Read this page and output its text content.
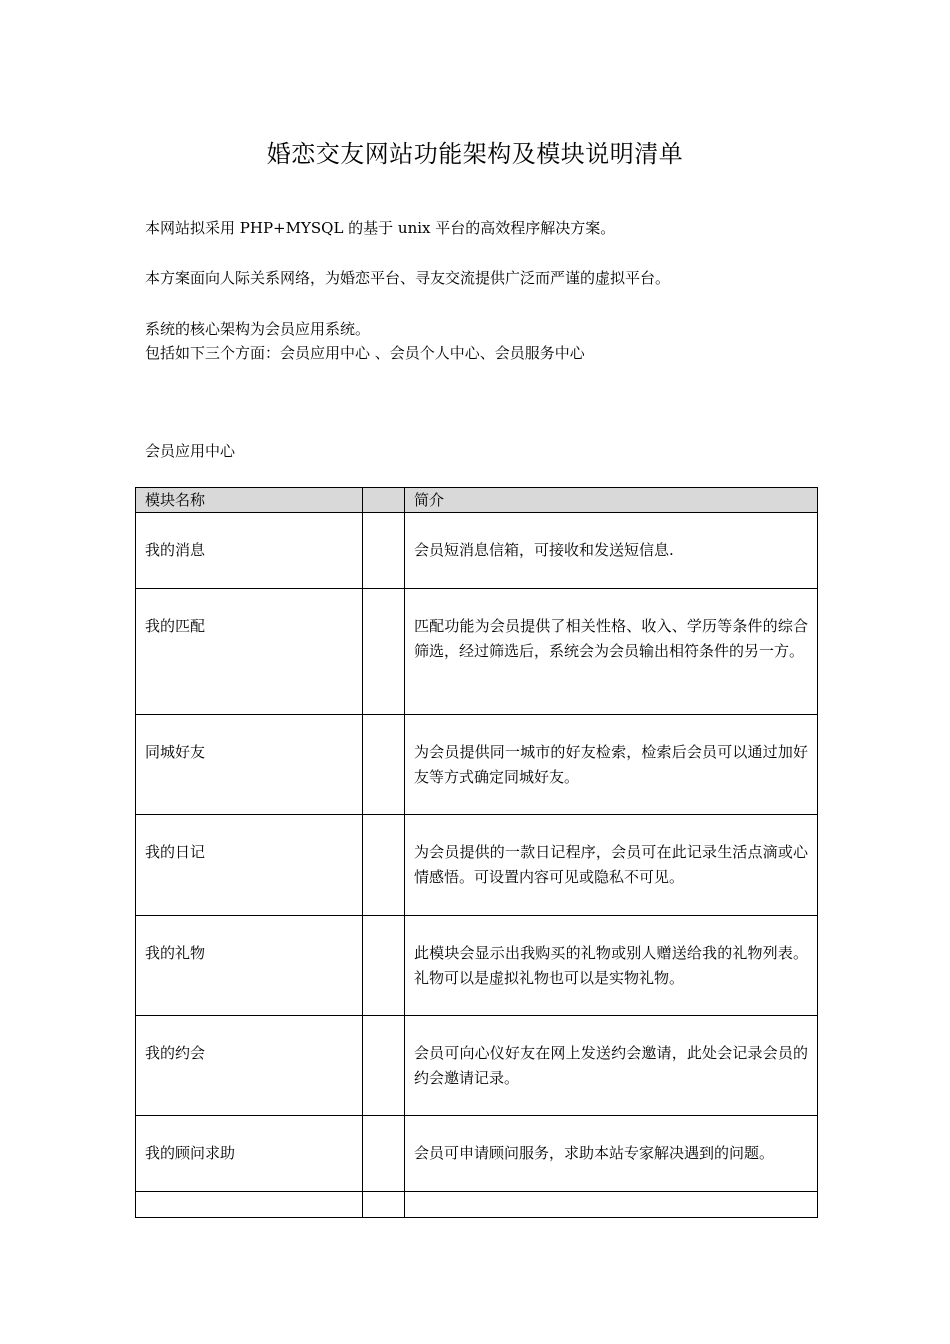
婚恋交友网站功能架构及模块说明清单
本网站拟采用 PHP+MYSQL 的基于 unix 平台的高效程序解决方案。
本方案面向人际关系网络，为婚恋平台、寻友交流提供广泛而严谨的虚拟平台。
系统的核心架构为会员应用系统。
包括如下三个方面：会员应用中心 、会员个人中心、会员服务中心
会员应用中心
模块名称		简介

我的消息		会员短消息信箱，可接收和发送短信息.

我的匹配		匹配功能为会员提供了相关性格、收入、学历等条件的综合筛选，经过筛选后，系统会为会员输出相符条件的另一方。

同城好友		为会员提供同一城市的好友检索，检索后会员可以通过加好友等方式确定同城好友。

我的日记		为会员提供的一款日记程序，会员可在此记录生活点滴或心情感悟。可设置内容可见或隐私不可见。

我的礼物		此模块会显示出我购买的礼物或别人赠送给我的礼物列表。礼物可以是虚拟礼物也可以是实物礼物。

我的约会		会员可向心仪好友在网上发送约会邀请，此处会记录会员的约会邀请记录。

我的顾问求助		会员可申请顾问服务，求助本站专家解决遇到的问题。
